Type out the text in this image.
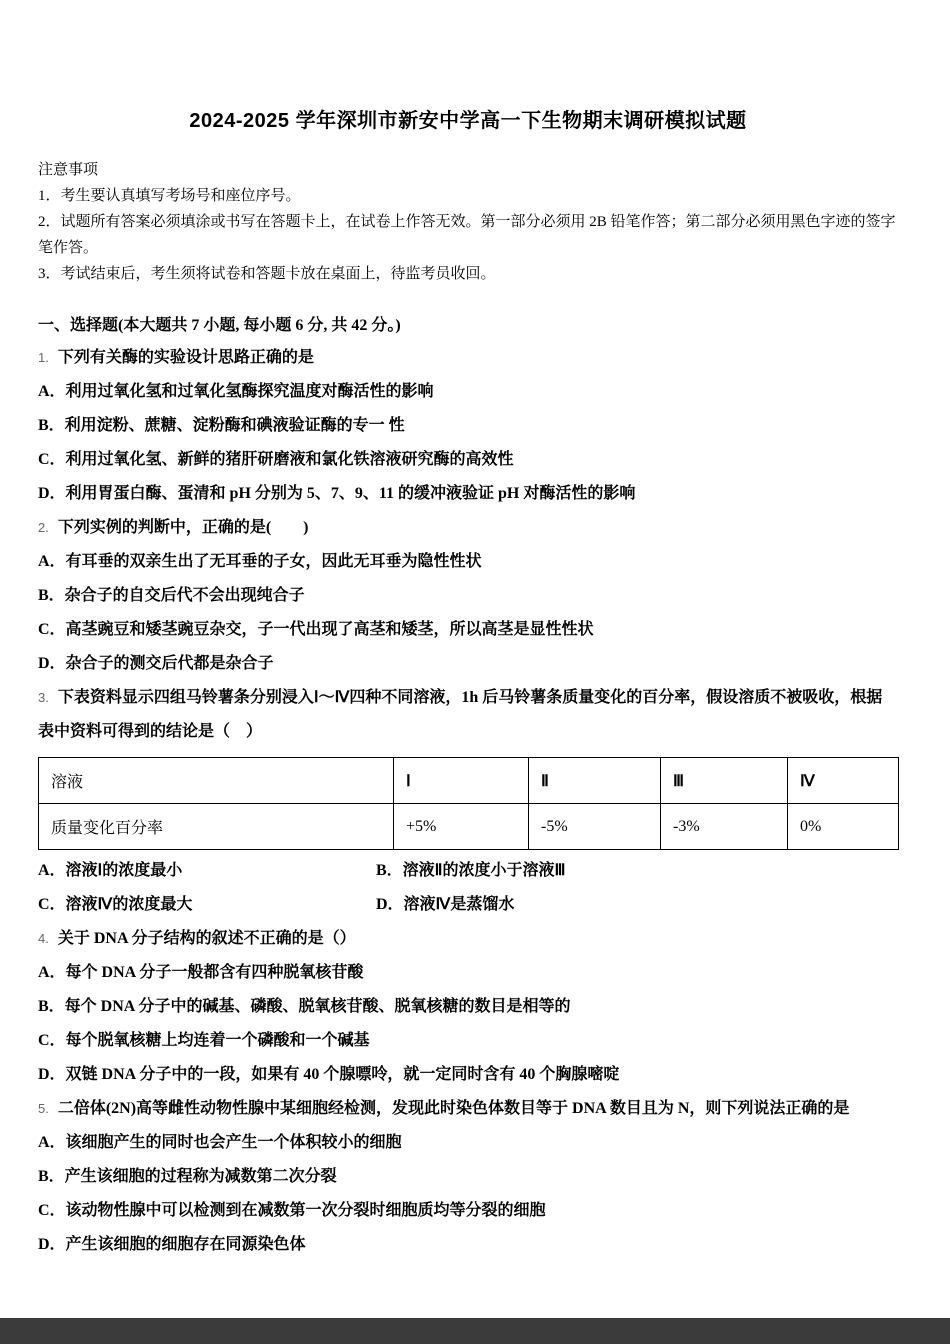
2024-2025 学年深圳市新安中学高一下生物期末调研模拟试题
注意事项
1．考生要认真填写考场号和座位序号。
2．试题所有答案必须填涂或书写在答题卡上，在试卷上作答无效。第一部分必须用 2B 铅笔作答；第二部分必须用黑色字迹的签字笔作答。
3．考试结束后，考生须将试卷和答题卡放在桌面上，待监考员收回。
一、选择题(本大题共 7 小题, 每小题 6 分, 共 42 分。)
1. 下列有关酶的实验设计思路正确的是
A．利用过氧化氢和过氧化氢酶探究温度对酶活性的影响
B．利用淀粉、蔗糖、淀粉酶和碘液验证酶的专一 性
C．利用过氧化氢、新鲜的猪肝研磨液和氯化铁溶液研究酶的高效性
D．利用胃蛋白酶、蛋清和 pH 分别为 5、7、9、11 的缓冲液验证 pH 对酶活性的影响
2. 下列实例的判断中，正确的是(　　)
A．有耳垂的双亲生出了无耳垂的子女，因此无耳垂为隐性性状
B．杂合子的自交后代不会出现纯合子
C．高茎豌豆和矮茎豌豆杂交，子一代出现了高茎和矮茎，所以高茎是显性性状
D．杂合子的测交后代都是杂合子
3. 下表资料显示四组马铃薯条分别浸入Ⅰ～Ⅳ四种不同溶液，1h 后马铃薯条质量变化的百分率，假设溶质不被吸收，根据表中资料可得到的结论是（　）
溶液	Ⅰ	Ⅱ	Ⅲ	Ⅳ
质量变化百分率	+5%	-5%	-3%	0%
A．溶液Ⅰ的浓度最小	B．溶液Ⅱ的浓度小于溶液Ⅲ
C．溶液Ⅳ的浓度最大	D．溶液Ⅳ是蒸馏水
4. 关于 DNA 分子结构的叙述不正确的是（）
A．每个 DNA 分子一般都含有四种脱氧核苷酸
B．每个 DNA 分子中的碱基、磷酸、脱氧核苷酸、脱氧核糖的数目是相等的
C．每个脱氧核糖上均连着一个磷酸和一个碱基
D．双链 DNA 分子中的一段，如果有 40 个腺嘌呤，就一定同时含有 40 个胸腺嘧啶
5. 二倍体(2N)高等雌性动物性腺中某细胞经检测，发现此时染色体数目等于 DNA 数目且为 N，则下列说法正确的是
A．该细胞产生的同时也会产生一个体积较小的细胞
B．产生该细胞的过程称为减数第二次分裂
C．该动物性腺中可以检测到在减数第一次分裂时细胞质均等分裂的细胞
D．产生该细胞的细胞存在同源染色体
